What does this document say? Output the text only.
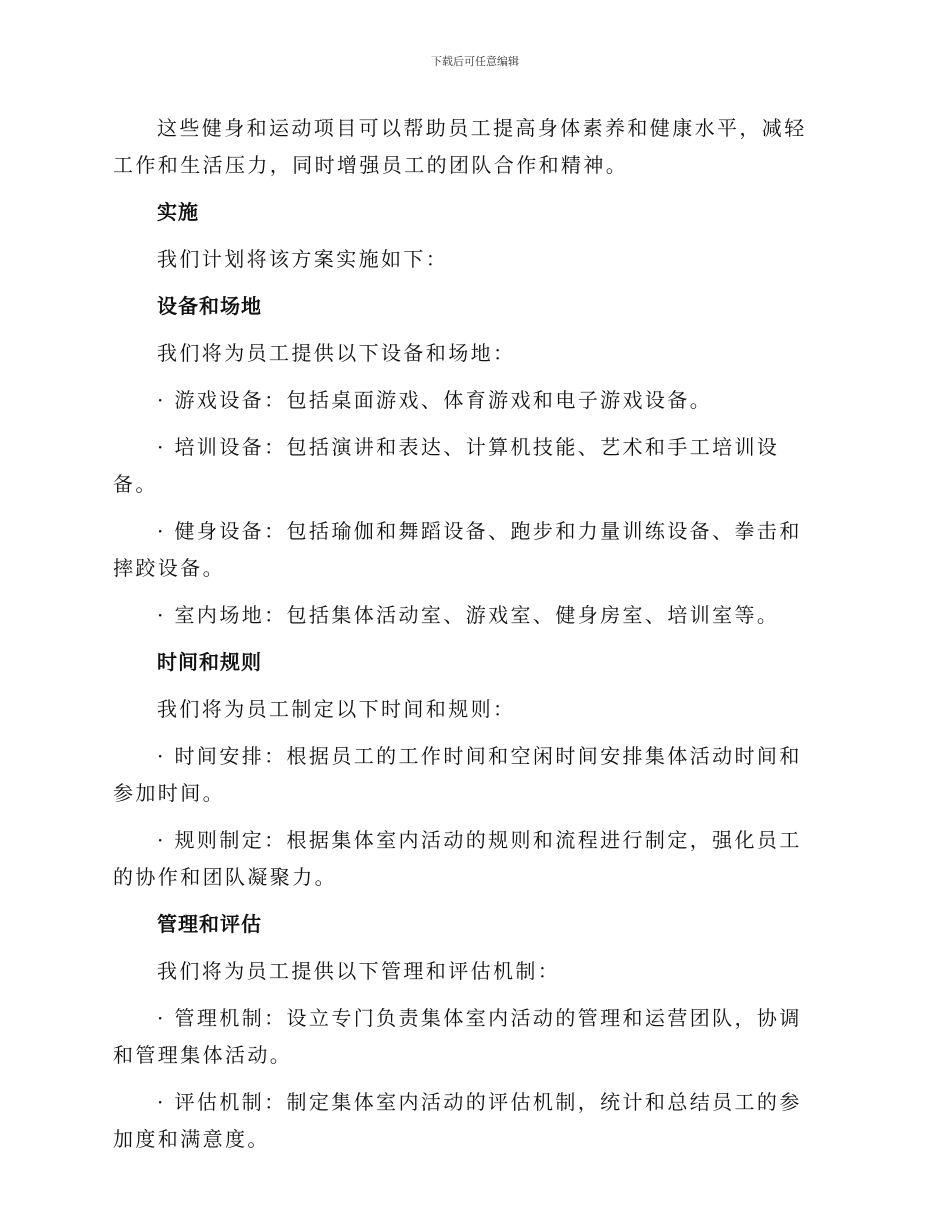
下载后可任意编辑

这些健身和运动项目可以帮助员工提高身体素养和健康水平，减轻工作和生活压力，同时增强员工的团队合作和精神。

实施

我们计划将该方案实施如下：

设备和场地

我们将为员工提供以下设备和场地：

· 游戏设备：包括桌面游戏、体育游戏和电子游戏设备。

· 培训设备：包括演讲和表达、计算机技能、艺术和手工培训设备。

· 健身设备：包括瑜伽和舞蹈设备、跑步和力量训练设备、拳击和摔跤设备。

· 室内场地：包括集体活动室、游戏室、健身房室、培训室等。

时间和规则

我们将为员工制定以下时间和规则：

· 时间安排：根据员工的工作时间和空闲时间安排集体活动时间和参加时间。

· 规则制定：根据集体室内活动的规则和流程进行制定，强化员工的协作和团队凝聚力。

管理和评估

我们将为员工提供以下管理和评估机制：

· 管理机制：设立专门负责集体室内活动的管理和运营团队，协调和管理集体活动。

· 评估机制：制定集体室内活动的评估机制，统计和总结员工的参加度和满意度。
